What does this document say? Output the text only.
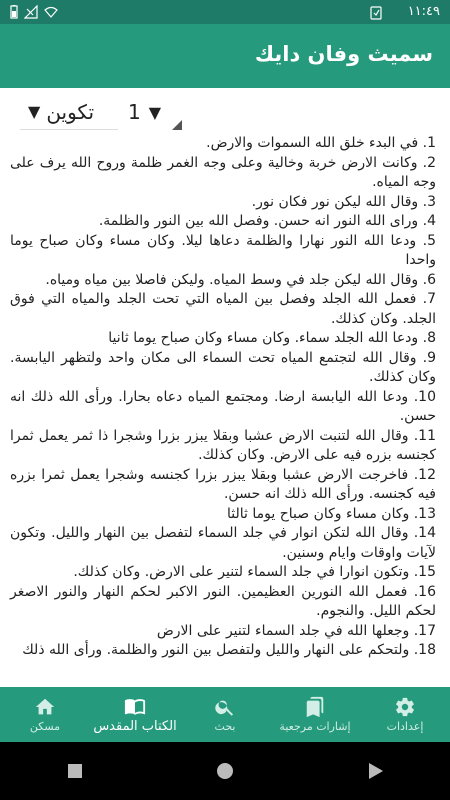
١١:٤٩
سميث وفان دايك
▼ تكوين 1 ▼

1. في البدء خلق الله السموات والارض.

2. وكانت الارض خربة وخالية وعلى وجه الغمر ظلمة وروح الله يرف على وجه المياه.

3. وقال الله ليكن نور فكان نور.

4. وراى الله النور انه حسن. وفصل الله بين النور والظلمة.

5. ودعا الله النور نهارا والظلمة دعاها ليلا. وكان مساء وكان صباح يوما واحدا

6. وقال الله ليكن جلد في وسط المياه. وليكن فاصلا بين مياه ومياه.

7. فعمل الله الجلد وفصل بين المياه التي تحت الجلد والمياه التي فوق الجلد. وكان كذلك.

8. ودعا الله الجلد سماء. وكان مساء وكان صباح يوما ثانيا

9. وقال الله لتجتمع المياه تحت السماء الى مكان واحد ولتظهر اليابسة. وكان كذلك.

10. ودعا الله اليابسة ارضا. ومجتمع المياه دعاه بحارا. ورأى الله ذلك انه حسن.

11. وقال الله لتنبت الارض عشبا وبقلا يبزر بزرا وشجرا ذا ثمر يعمل ثمرا كجنسه بزره فيه على الارض. وكان كذلك.

12. فاخرجت الارض عشبا وبقلا يبزر بزرا كجنسه وشجرا يعمل ثمرا بزره فيه كجنسه. ورأى الله ذلك انه حسن.

13. وكان مساء وكان صباح يوما ثالثا

14. وقال الله لتكن انوار في جلد السماء لتفصل بين النهار والليل. وتكون لآيات واوقات وايام وسنين.

15. وتكون انوارا في جلد السماء لتنير على الارض. وكان كذلك.

16. فعمل الله النورين العظيمين. النور الاكبر لحكم النهار والنور الاصغر لحكم الليل. والنجوم.

17. وجعلها الله في جلد السماء لتنير على الارض

18. ولتحكم على النهار والليل ولتفصل بين النور والظلمة. ورأى الله ذلك

مسكن	الكتاب المقدس	بحث	إشارات مرجعية	إعدادات
